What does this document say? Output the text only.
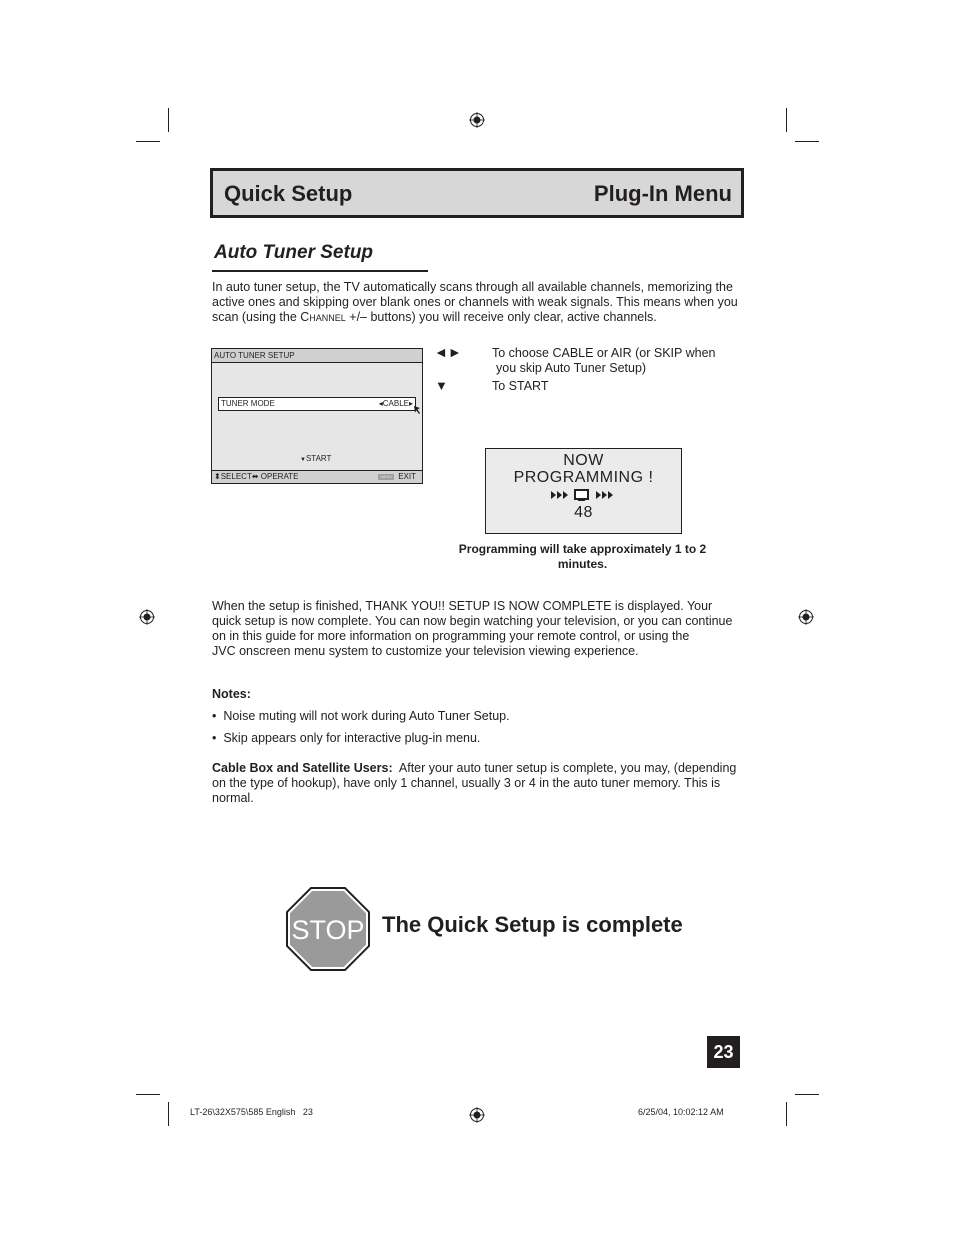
Quick Setup	Plug-In Menu
Auto Tuner Setup
In auto tuner setup, the TV automatically scans through all available channels, memorizing the
active ones and skipping over blank ones or channels with weak signals. This means when you
scan (using the Channel +/– buttons) you will receive only clear, active channels.
AUTO TUNER SETUP
TUNER MODE	◂CABLE▸
▼START
⬍SELECT⬌ OPERATE	MENU EXIT
◄► To choose CABLE or AIR (or SKIP when
you skip Auto Tuner Setup)
▼	To START
NOW
PROGRAMMING !
48
Programming will take approximately 1 to 2
minutes.
When the setup is finished, THANK YOU!! SETUP IS NOW COMPLETE is displayed. Your
quick setup is now complete. You can now begin watching your television, or you can continue
on in this guide for more information on programming your remote control, or using the
JVC onscreen menu system to customize your television viewing experience.
Notes:
•  Noise muting will not work during Auto Tuner Setup.
•  Skip appears only for interactive plug-in menu.
Cable Box and Satellite Users: After your auto tuner setup is complete, you may, (depending
on the type of hookup), have only 1 channel, usually 3 or 4 in the auto tuner memory. This is
normal.
STOP The Quick Setup is complete
23
LT-26\32X575\585 English   23	6/25/04, 10:02:12 AM
